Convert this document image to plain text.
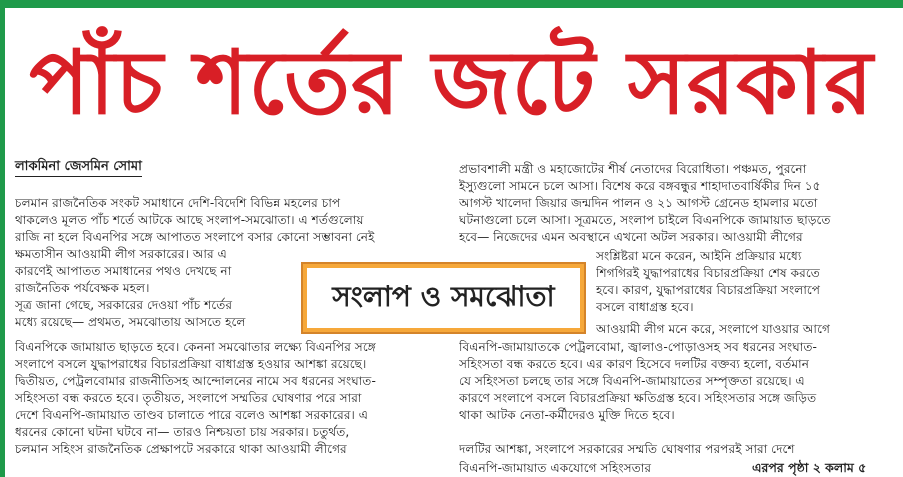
পাঁচ শর্তের জটে সরকার
লাকমিনা জেসমিন সোমা
চলমান রাজনৈতিক সংকট সমাধানে দেশি-বিদেশি বিভিন্ন মহলের চাপ
থাকলেও মূলত পাঁচ শর্তে আটকে আছে সংলাপ-সমঝোতা। এ শর্তগুলোয়
রাজি না হলে বিএনপির সঙ্গে আপাতত সংলাপে বসার কোনো সম্ভাবনা নেই
ক্ষমতাসীন আওয়ামী লীগ সরকারের। আর এ
কারণেই আপাতত সমাধানের পথও দেখছে না
রাজনৈতিক পর্যবেক্ষক মহল।
সূত্র জানা গেছে, সরকারের দেওয়া পাঁচ শর্তের
মধ্যে রয়েছে— প্রথমত, সমঝোতায় আসতে হলে
বিএনপিকে জামায়াত ছাড়তে হবে। কেননা সমঝোতার লক্ষ্যে বিএনপির সঙ্গে
সংলাপে বসলে যুদ্ধাপরাধের বিচারপ্রক্রিয়া বাধাগ্রস্ত হওয়ার আশঙ্কা রয়েছে।
দ্বিতীয়ত, পেট্রলবোমার রাজনীতিসহ আন্দোলনের নামে সব ধরনের সংঘাত-
সহিংসতা বন্ধ করতে হবে। তৃতীয়ত, সংলাপে সম্মতির ঘোষণার পরে সারা
দেশে বিএনপি-জামায়াত তাণ্ডব চালাতে পারে বলেও আশঙ্কা সরকারের। এ
ধরনের কোনো ঘটনা ঘটবে না— তারও নিশ্চয়তা চায় সরকার। চতুর্থত,
চলমান সহিংস রাজনৈতিক প্রেক্ষাপটে সরকারে থাকা আওয়ামী লীগের
প্রভাবশালী মন্ত্রী ও মহাজোটের শীর্ষ নেতাদের বিরোধিতা। পঞ্চমত, পুরনো
ইস্যুগুলো সামনে চলে আসা। বিশেষ করে বঙ্গবন্ধুর শাহাদাতবার্ষিকীর দিন ১৫
আগস্ট খালেদা জিয়ার জন্মদিন পালন ও ২১ আগস্ট গ্রেনেড হামলার মতো
ঘটনাগুলো চলে আসা। সূত্রমতে, সংলাপ চাইলে বিএনপিকে জামায়াত ছাড়তে
হবে— নিজেদের এমন অবস্থানে এখনো অটল সরকার। আওয়ামী লীগের
সংশ্লিষ্টরা মনে করেন, আইনি প্রক্রিয়ার মধ্যে
শিগগিরই যুদ্ধাপরাধের বিচারপ্রক্রিয়া শেষ করতে
হবে। কারণ, যুদ্ধাপরাধের বিচারপ্রক্রিয়া সংলাপে
বসলে বাধাগ্রস্ত হবে।
আওয়ামী লীগ মনে করে, সংলাপে যাওয়ার আগে
বিএনপি-জামায়াতকে পেট্রলবোমা, জ্বালাও-পোড়াওসহ সব ধরনের সংঘাত-
সহিংসতা বন্ধ করতে হবে। এর কারণ হিসেবে দলটির বক্তব্য হলো, বর্তমান
যে সহিংসতা চলছে তার সঙ্গে বিএনপি-জামায়াতের সম্পৃক্ততা রয়েছে। এ
কারণে সংলাপে বসলে বিচারপ্রক্রিয়া ক্ষতিগ্রস্ত হবে। সহিংসতার সঙ্গে জড়িত
থাকা আটক নেতা-কর্মীদেরও মুক্তি দিতে হবে।
দলটির আশঙ্কা, সংলাপে সরকারের সম্মতি ঘোষণার পরপরই সারা দেশে
বিএনপি-জামায়াত একযোগে সহিংসতার
সংলাপ ও সমঝোতা
এরপর পৃষ্ঠা ২ কলাম ৫
